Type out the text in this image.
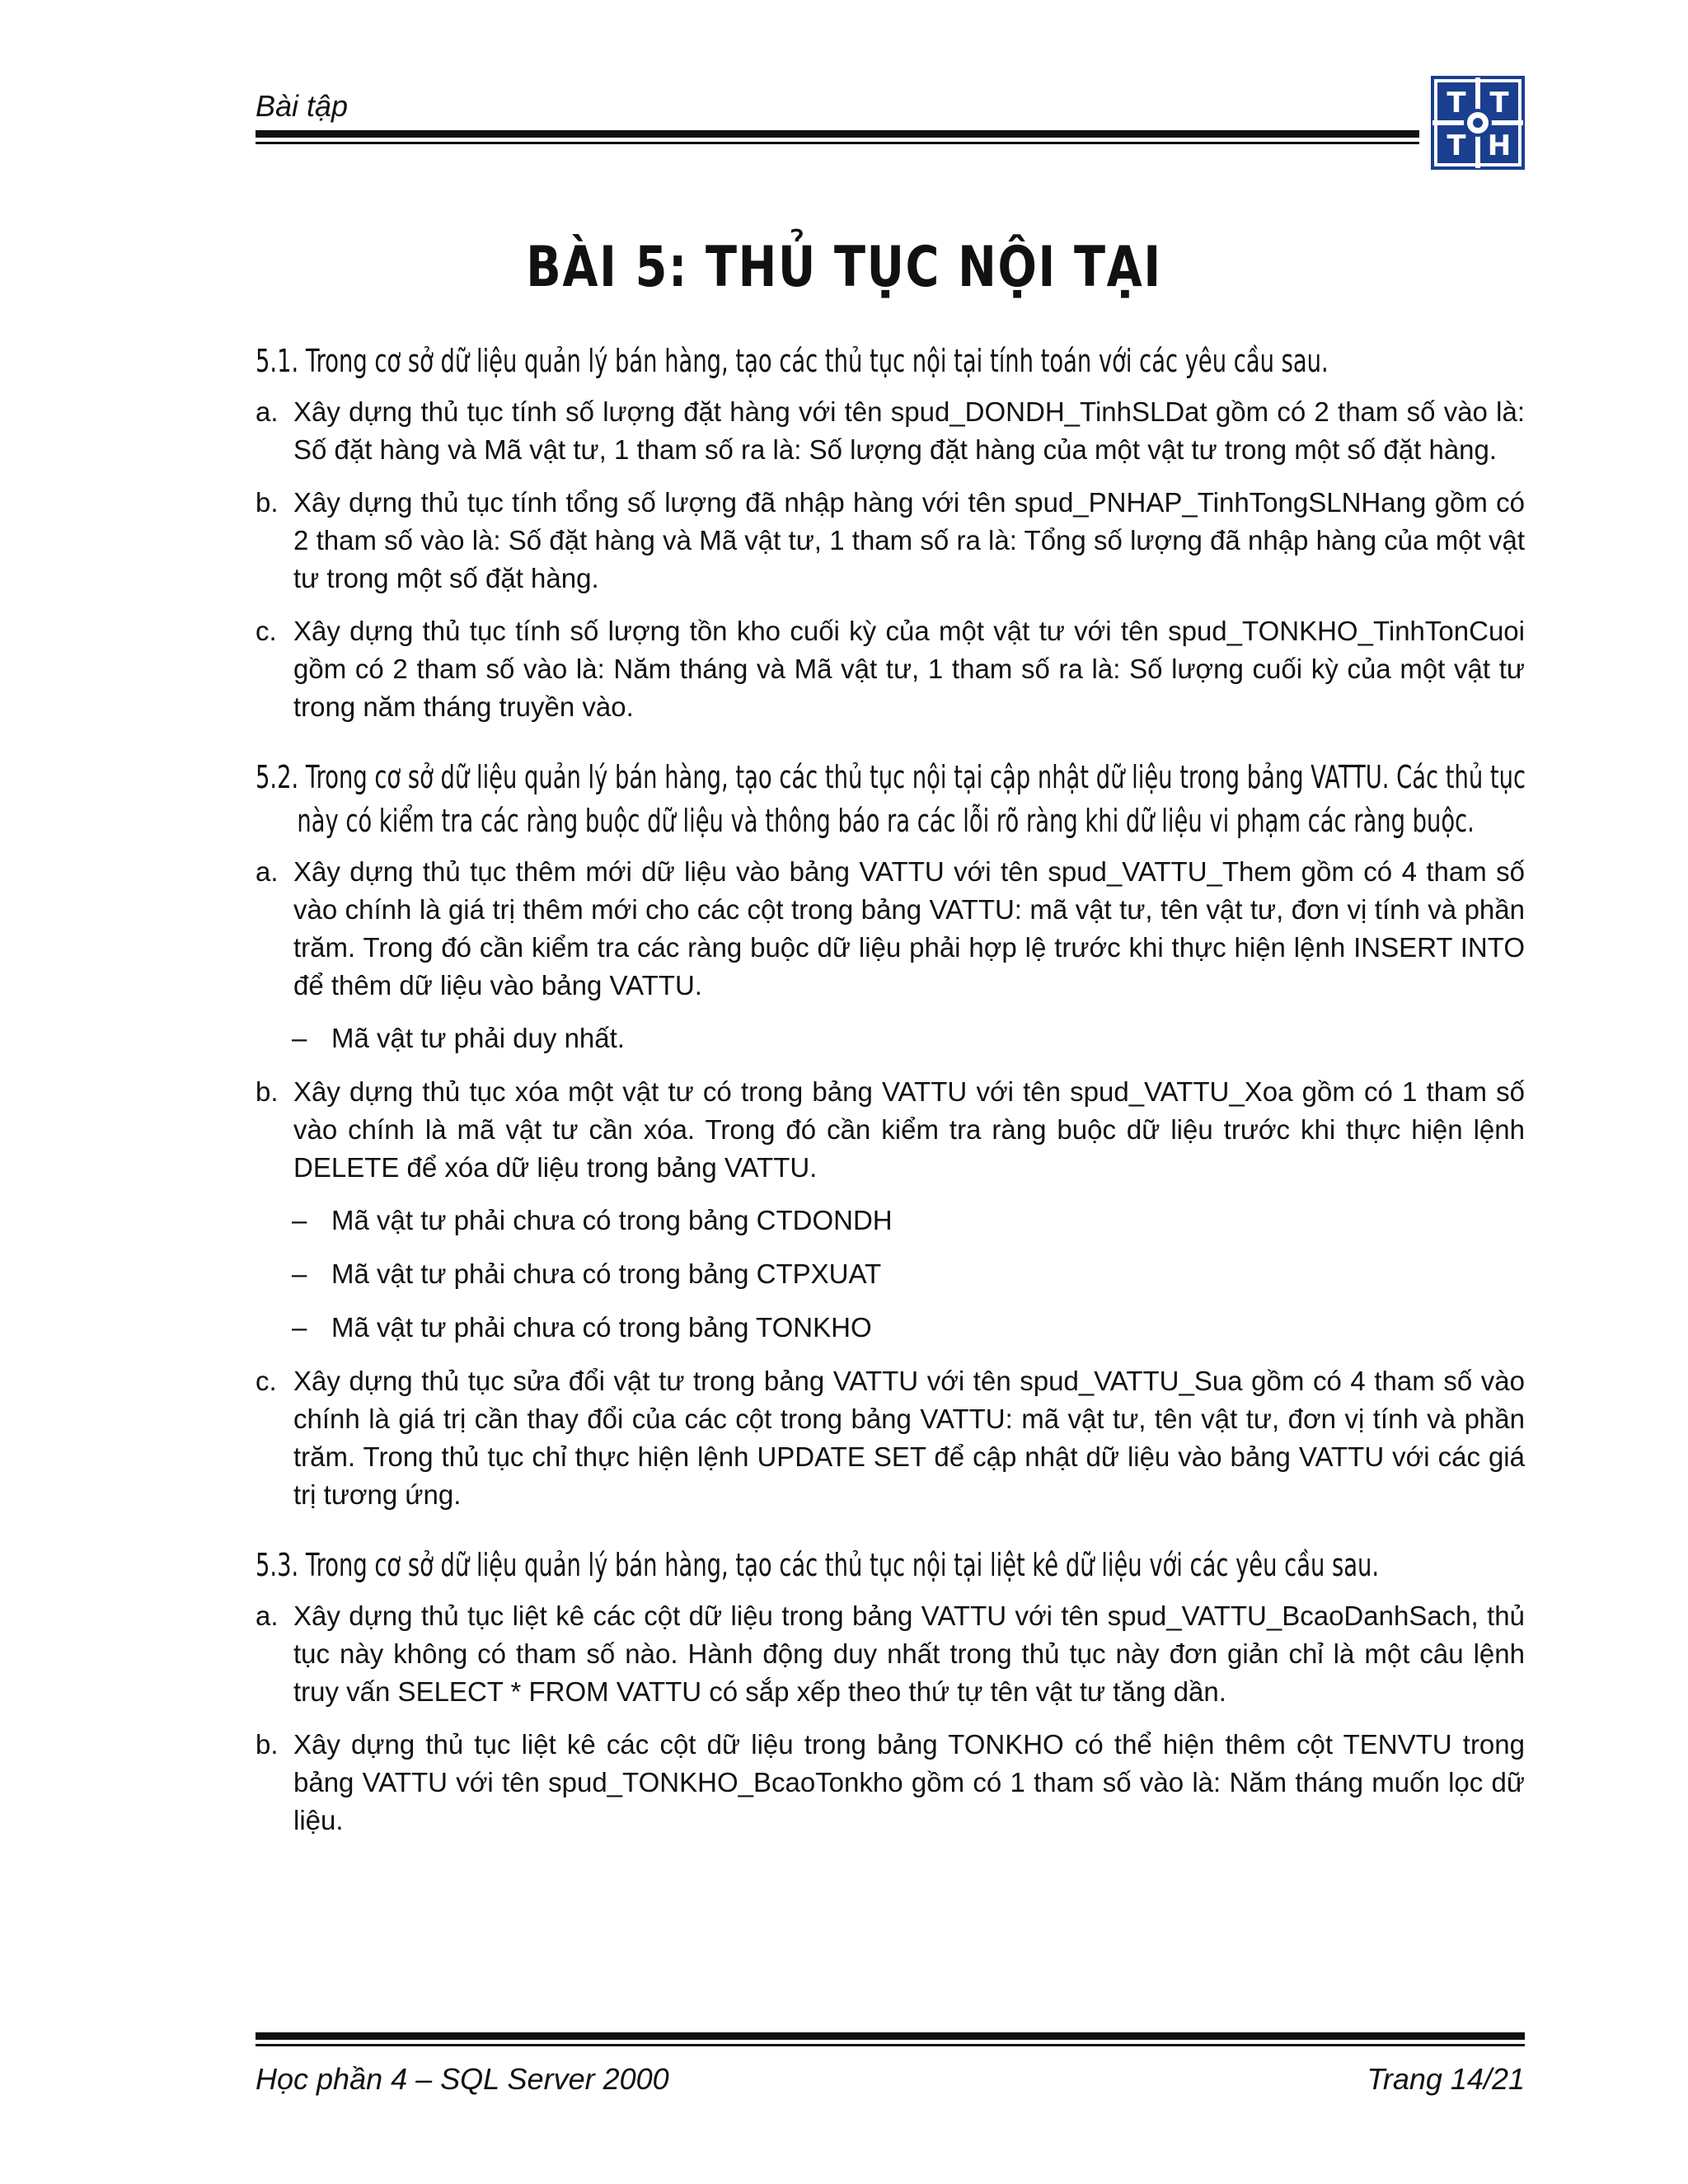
Bài tập	T T
T H
BÀI 5: THỦ TỤC NỘI TẠI
5.1. Trong cơ sở dữ liệu quản lý bán hàng, tạo các thủ tục nội tại tính toán với các yêu cầu sau.
a. Xây dựng thủ tục tính số lượng đặt hàng với tên spud_DONDH_TinhSLDat gồm có 2 tham số vào là: Số đặt hàng và Mã vật tư, 1 tham số ra là: Số lượng đặt hàng của một vật tư trong một số đặt hàng.
b. Xây dựng thủ tục tính tổng số lượng đã nhập hàng với tên spud_PNHAP_TinhTongSLNHang gồm có 2 tham số vào là: Số đặt hàng và Mã vật tư, 1 tham số ra là: Tổng số lượng đã nhập hàng của một vật tư trong một số đặt hàng.
c. Xây dựng thủ tục tính số lượng tồn kho cuối kỳ của một vật tư với tên spud_TONKHO_TinhTonCuoi gồm có 2 tham số vào là: Năm tháng và Mã vật tư, 1 tham số ra là: Số lượng cuối kỳ của một vật tư trong năm tháng truyền vào.
5.2. Trong cơ sở dữ liệu quản lý bán hàng, tạo các thủ tục nội tại cập nhật dữ liệu trong bảng VATTU. Các thủ tục này có kiểm tra các ràng buộc dữ liệu và thông báo ra các lỗi rõ ràng khi dữ liệu vi phạm các ràng buộc.
a. Xây dựng thủ tục thêm mới dữ liệu vào bảng VATTU với tên spud_VATTU_Them gồm có 4 tham số vào chính là giá trị thêm mới cho các cột trong bảng VATTU: mã vật tư, tên vật tư, đơn vị tính và phần trăm. Trong đó cần kiểm tra các ràng buộc dữ liệu phải hợp lệ trước khi thực hiện lệnh INSERT INTO để thêm dữ liệu vào bảng VATTU.
– Mã vật tư phải duy nhất.
b. Xây dựng thủ tục xóa một vật tư có trong bảng VATTU với tên spud_VATTU_Xoa gồm có 1 tham số vào chính là mã vật tư cần xóa. Trong đó cần kiểm tra ràng buộc dữ liệu trước khi thực hiện lệnh DELETE để xóa dữ liệu trong bảng VATTU.
– Mã vật tư phải chưa có trong bảng CTDONDH
– Mã vật tư phải chưa có trong bảng CTPXUAT
– Mã vật tư phải chưa có trong bảng TONKHO
c. Xây dựng thủ tục sửa đổi vật tư trong bảng VATTU với tên spud_VATTU_Sua gồm có 4 tham số vào chính là giá trị cần thay đổi của các cột trong bảng VATTU: mã vật tư, tên vật tư, đơn vị tính và phần trăm. Trong thủ tục chỉ thực hiện lệnh UPDATE SET để cập nhật dữ liệu vào bảng VATTU với các giá trị tương ứng.
5.3. Trong cơ sở dữ liệu quản lý bán hàng, tạo các thủ tục nội tại liệt kê dữ liệu với các yêu cầu sau.
a. Xây dựng thủ tục liệt kê các cột dữ liệu trong bảng VATTU với tên spud_VATTU_BcaoDanhSach, thủ tục này không có tham số nào. Hành động duy nhất trong thủ tục này đơn giản chỉ là một câu lệnh truy vấn SELECT * FROM VATTU có sắp xếp theo thứ tự tên vật tư tăng dần.
b. Xây dựng thủ tục liệt kê các cột dữ liệu trong bảng TONKHO có thể hiện thêm cột TENVTU trong bảng VATTU với tên spud_TONKHO_BcaoTonkho gồm có 1 tham số vào là: Năm tháng muốn lọc dữ liệu.
Học phần 4 – SQL Server 2000	Trang 14/21
